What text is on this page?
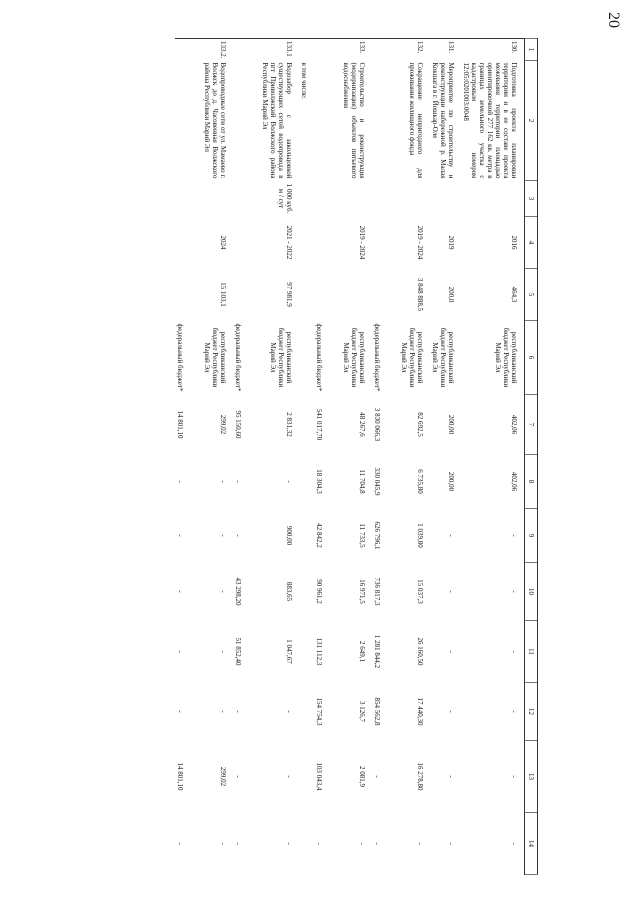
20
1	2	3	4	5	6	7	8	9	10	11	12	13	14
130.	Подготовка проекта планировки территории и в ее составе проекта межевания территории площадью ориентировочной 277 162 кв. метра в границах земельного участка с кадастровым номером 12:05:0201003:0048		2016	464,3	республиканский бюджет Республики Марий Эл	402,06	402,06	-	-	-	-	-	-
131.	Мероприятие по строительству и реконструкции набережной р. Малая Кокшага в г. Йошкар-Оле		2019	200,0	республиканский бюджет Республики Марий Эл	200,00	200,00	-	-	-	-	-	-
132.	Сокращение непригодного для проживания жилищного фонда		2019 - 2024	3 848 888,5	республиканский бюджет Республики Марий Эл	82 692,5	6 735,80	1 039,80	15 037,3	26 160,50	17 440,30	16 278,80	-
					федеральный бюджет*	3 830 066,3	330 045,9	626 796,1	736 817,3	1 281 844,2	854 562,8	-	-
133.	Строительство и реконструкция (модернизация) объектов питьевого водоснабжения		2019 - 2024		республиканский бюджет Республики Марий Эл	48 267,6	11 704,8	11 733,5	16 971,5	2 649,1	3 126,7	2 081,9	-
					федеральный бюджет*	541 017,70	18 304,3	42 842,2	90 961,2	131 112,3	154 754,3	103 043,4	-
	в том числе:												
133.1	Водозабор с закольцовкой существующих сетей водопровода в пгт Приволжский Волжского района Республики Марий Эл	1 000 куб. м / сут	2021 - 2022	97 981,9	республиканский бюджет Республики Марий Эл	2 831,32	-	900,00	883,65	1 047,67	-	-	-
					федеральный бюджет*	95 150,60	-	-	43 298,20	51 852,40	-	-	-
133.2.	Водопроводные сети от ул. Мамаево г. Волжск до д. Часовенная Волжского района Республики Марий Эл		2024	15 103,1	республиканский бюджет Республики Марий Эл	299,02	-	-	-	-	-	299,02	-
					федеральный бюджет*	14 801,10	-	-	-	-	-	14 801,10	-
